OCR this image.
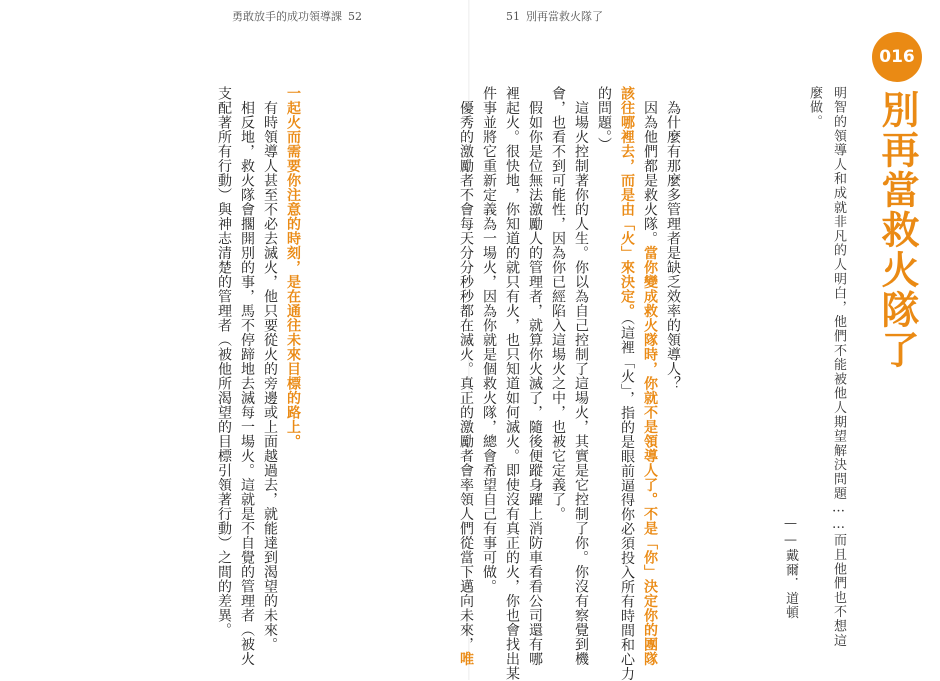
勇敢放手的成功領導課 52
一起火而需要你注意的時刻，是在通往未來目標的路上。
　有時領導人甚至不必去滅火，他只要從火的旁邊或上面越過去，就能達到渴望的未來。
　相反地，救火隊會擱開別的事，馬不停蹄地去滅每一場火。這就是不自覺的管理者（被火
支配著所有行動）與神志清楚的管理者（被他所渴望的目標引領著行動）之間的差異。
51 別再當救火隊了
016
別再當救火隊了
明智的領導人和成就非凡的人明白，他們不能被他人期望解決問題……而且他們也不想這
麼做。
——戴爾．道頓
　為什麼有那麼多管理者是缺乏效率的領導人？
　因為他們都是救火隊。當你變成救火隊時，你就不是領導人了。不是「你」決定你的團隊
該往哪裡去，而是由「火」來決定。（這裡「火」，指的是眼前逼得你必須投入所有時間和心力
的問題。）
　這場火控制著你的人生。你以為自己控制了這場火，其實是它控制了你。你沒有察覺到機
會，也看不到可能性，因為你已經陷入這場火之中，也被它定義了。
　假如你是位無法激勵人的管理者，就算你火滅了，隨後便蹤身躍上消防車看看公司還有哪
裡起火。很快地，你知道的就只有火，也只知道如何滅火。即使沒有真正的火，你也會找出某
件事並將它重新定義為一場火，因為你就是個救火隊，總會希望自己有事可做。
　優秀的激勵者不會每天分分秒秒都在滅火。真正的激勵者會率領人們從當下邁向未來，唯
